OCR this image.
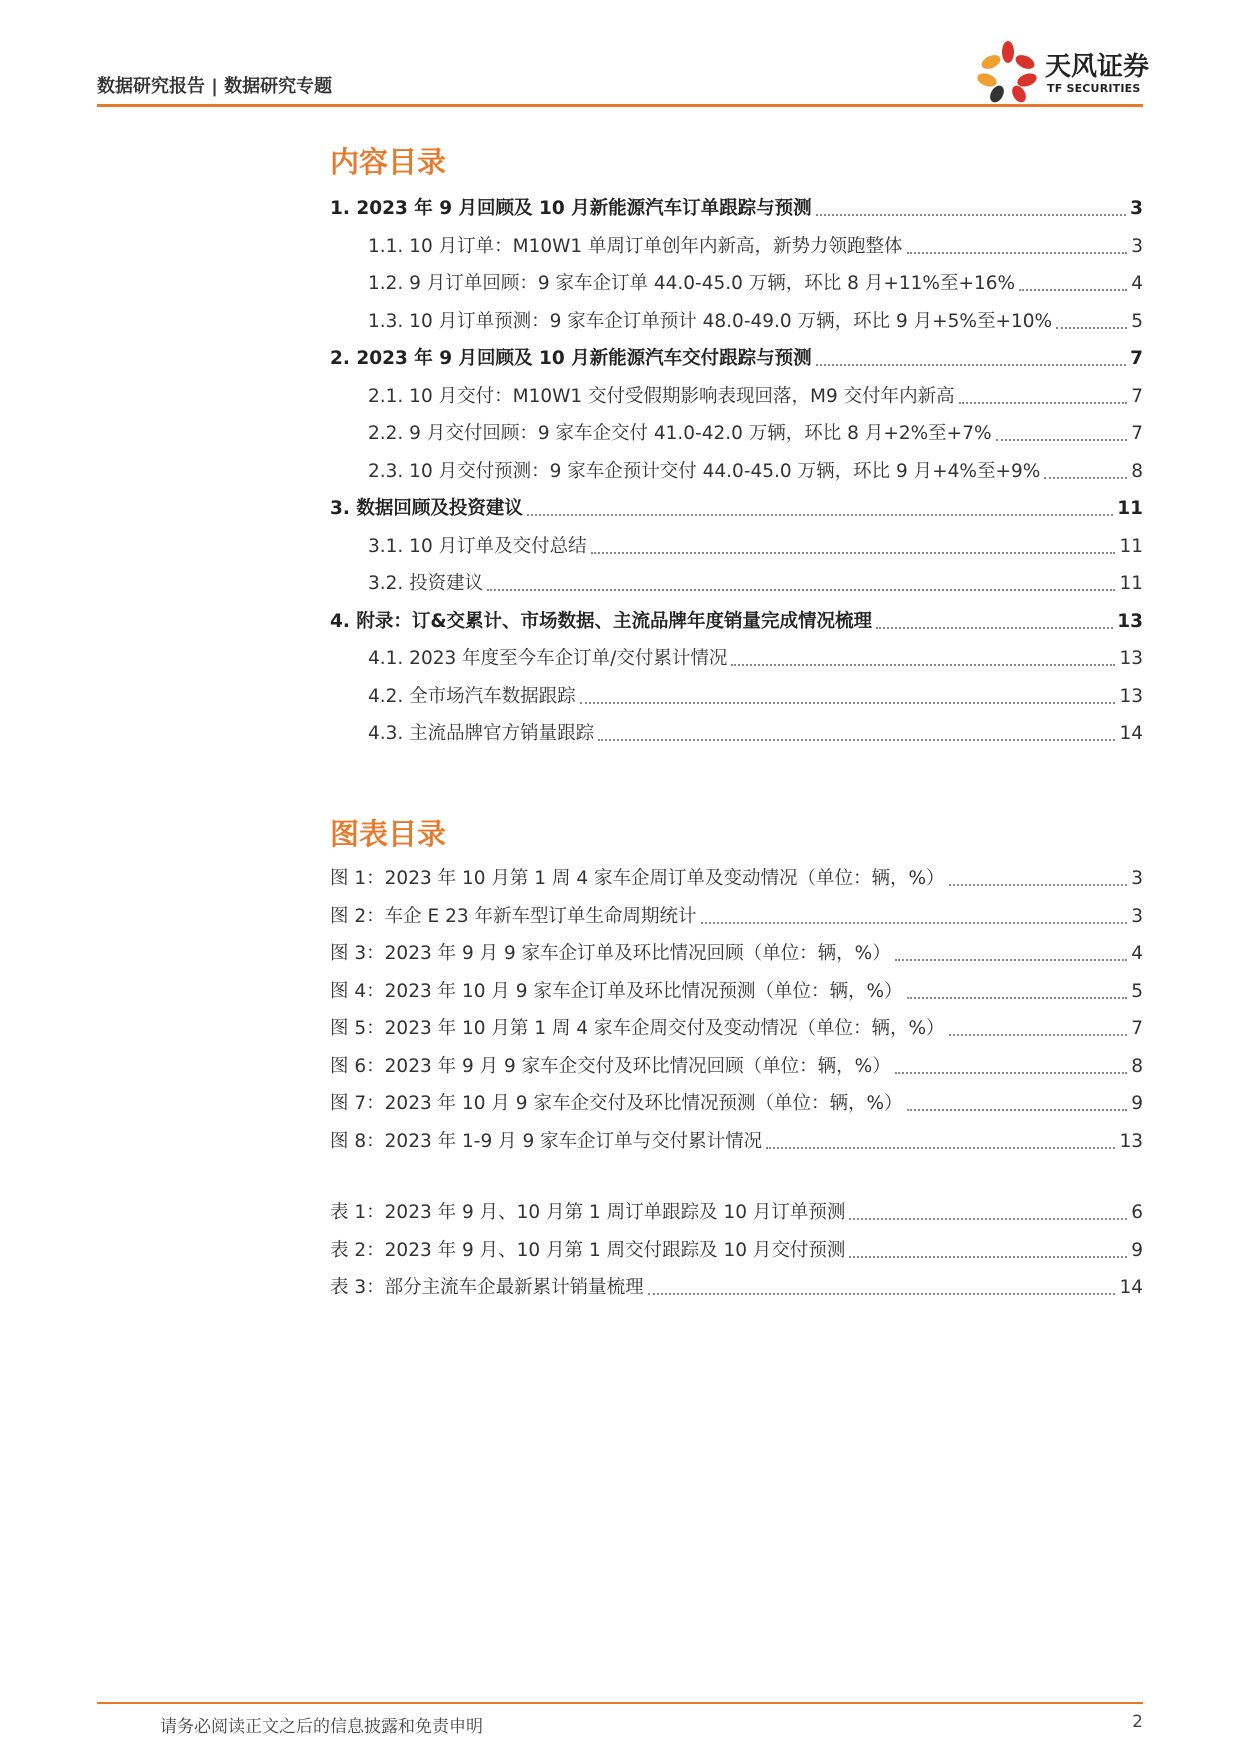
数据研究报告 | 数据研究专题
天风证券
TF SECURITIES
内容目录
1. 2023 年 9 月回顾及 10 月新能源汽车订单跟踪与预测	3
1.1. 10 月订单：M10W1 单周订单创年内新高，新势力领跑整体	3
1.2. 9 月订单回顾：9 家车企订单 44.0-45.0 万辆，环比 8 月+11%至+16%	4
1.3. 10 月订单预测：9 家车企订单预计 48.0-49.0 万辆，环比 9 月+5%至+10%	5
2. 2023 年 9 月回顾及 10 月新能源汽车交付跟踪与预测	7
2.1. 10 月交付：M10W1 交付受假期影响表现回落，M9 交付年内新高	7
2.2. 9 月交付回顾：9 家车企交付 41.0-42.0 万辆，环比 8 月+2%至+7%	7
2.3. 10 月交付预测：9 家车企预计交付 44.0-45.0 万辆，环比 9 月+4%至+9%	8
3. 数据回顾及投资建议	11
3.1. 10 月订单及交付总结	11
3.2. 投资建议	11
4. 附录：订&交累计、市场数据、主流品牌年度销量完成情况梳理	13
4.1. 2023 年度至今车企订单/交付累计情况	13
4.2. 全市场汽车数据跟踪	13
4.3. 主流品牌官方销量跟踪	14
图表目录
图 1：2023 年 10 月第 1 周 4 家车企周订单及变动情况（单位：辆，%）	3
图 2：车企 E 23 年新车型订单生命周期统计	3
图 3：2023 年 9 月 9 家车企订单及环比情况回顾（单位：辆，%）	4
图 4：2023 年 10 月 9 家车企订单及环比情况预测（单位：辆，%）	5
图 5：2023 年 10 月第 1 周 4 家车企周交付及变动情况（单位：辆，%）	7
图 6：2023 年 9 月 9 家车企交付及环比情况回顾（单位：辆，%）	8
图 7：2023 年 10 月 9 家车企交付及环比情况预测（单位：辆，%）	9
图 8：2023 年 1-9 月 9 家车企订单与交付累计情况	13
表 1：2023 年 9 月、10 月第 1 周订单跟踪及 10 月订单预测	6
表 2：2023 年 9 月、10 月第 1 周交付跟踪及 10 月交付预测	9
表 3：部分主流车企最新累计销量梳理	14
请务必阅读正文之后的信息披露和免责申明	2
